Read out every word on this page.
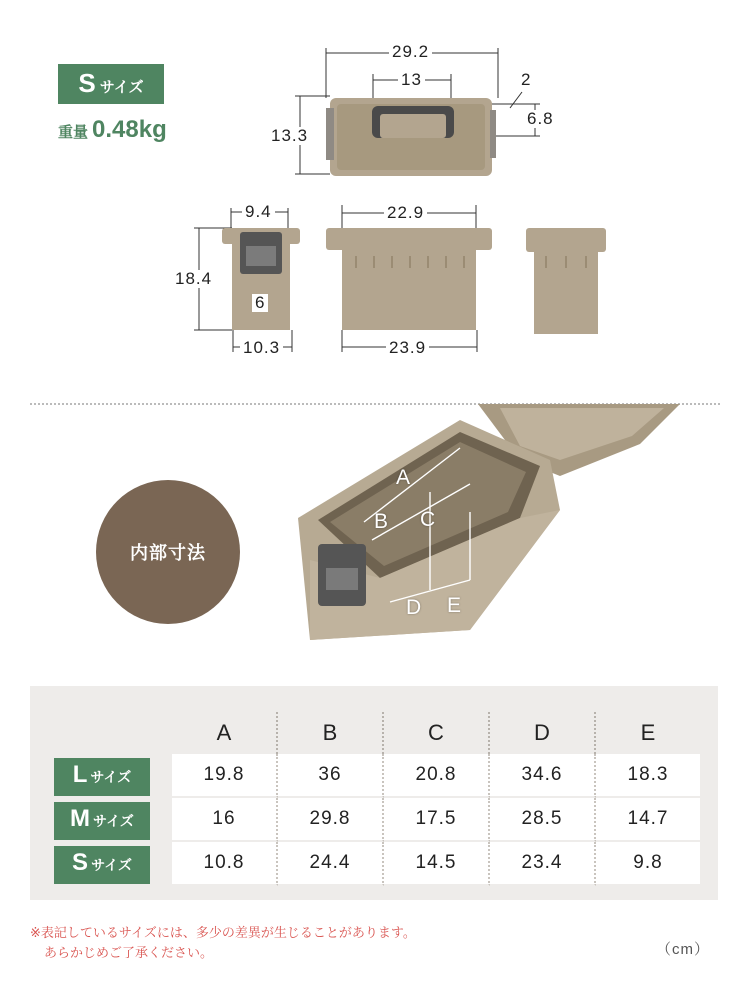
S サイズ
重量 0.48kg
29.2
13	2
6.8
13.3
9.4
18.4
6
10.3
22.9
23.9
内部寸法
A
B C
D E
	A	B	C	D	E

L サイズ	19.8	36	20.8	34.6	18.3

M サイズ	16	29.8	17.5	28.5	14.7

S サイズ	10.8	24.4	14.5	23.4	9.8
※表記しているサイズには、多少の差異が生じることがあります。
あらかじめご了承ください。	（cm）
